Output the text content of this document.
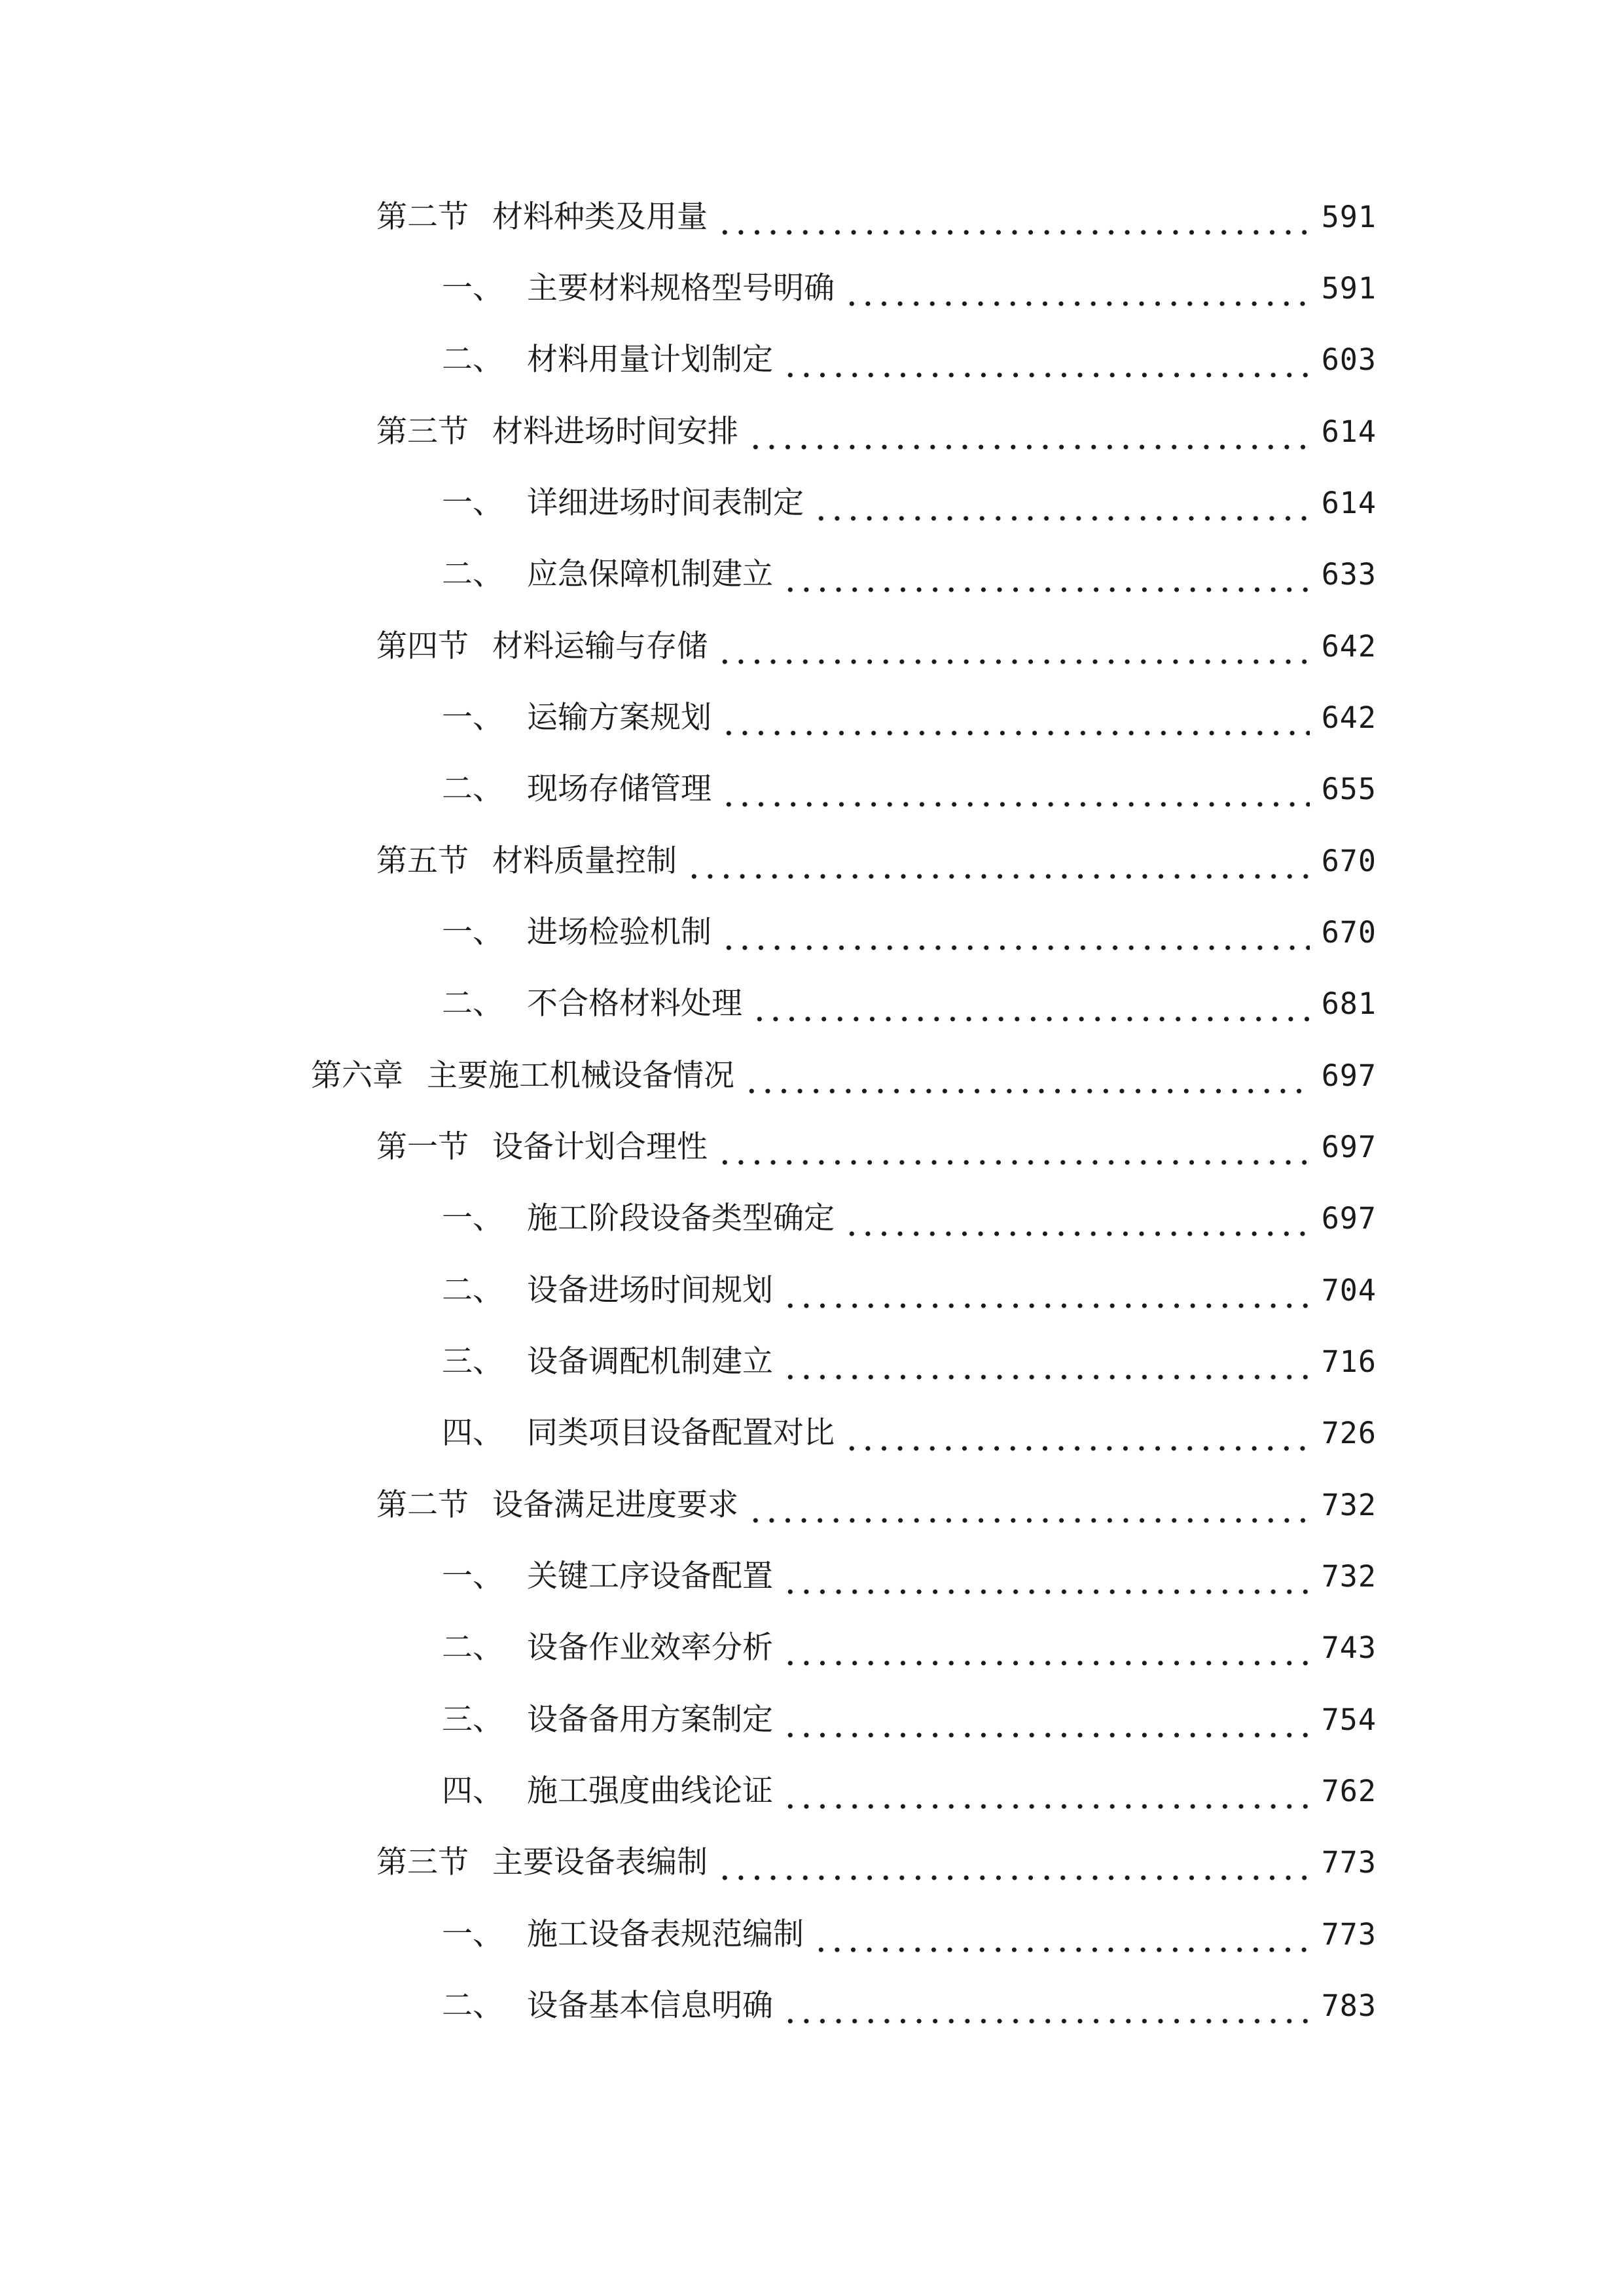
第二节 材料种类及用量	591
一、 主要材料规格型号明确	591
二、 材料用量计划制定	603
第三节 材料进场时间安排	614
一、 详细进场时间表制定	614
二、 应急保障机制建立	633
第四节 材料运输与存储	642
一、 运输方案规划	642
二、 现场存储管理	655
第五节 材料质量控制	670
一、 进场检验机制	670
二、 不合格材料处理	681
第六章 主要施工机械设备情况	697
第一节 设备计划合理性	697
一、 施工阶段设备类型确定	697
二、 设备进场时间规划	704
三、 设备调配机制建立	716
四、 同类项目设备配置对比	726
第二节 设备满足进度要求	732
一、 关键工序设备配置	732
二、 设备作业效率分析	743
三、 设备备用方案制定	754
四、 施工强度曲线论证	762
第三节 主要设备表编制	773
一、 施工设备表规范编制	773
二、 设备基本信息明确	783
